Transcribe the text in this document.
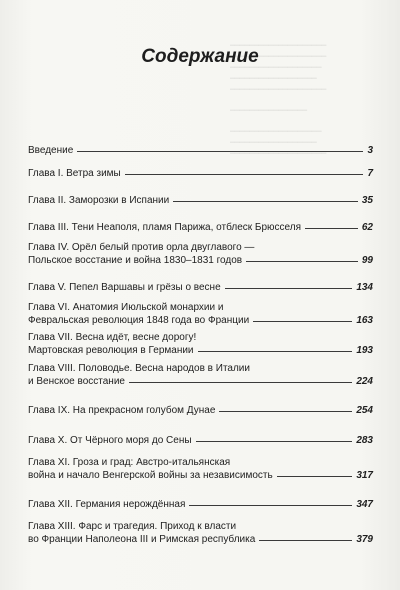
━━━━━━━━━━━━━━━━━━━━
━━━━━━━━━━━━━━━━━━━━
━━━━━━━━━━━━━━━━━━━
━━━━━━━━━━━━━━━━━━
━━━━━━━━━━━━━━━━━━━━
━━━━━━━━━━━━━━━━
━━━━━━━━━━━━━━━━━━━
━━━━━━━━━━━━━━━━━━
━━━━━━━━━━━━━━━━━━━━
Содержание
Введение	3
Глава I. Ветра зимы	7
Глава II. Заморозки в Испании	35
Глава III. Тени Неаполя, пламя Парижа, отблеск Брюсселя	62
Глава IV. Орёл белый против орла двуглавого —
Польское восстание и война 1830–1831 годов	99
Глава V. Пепел Варшавы и грёзы о весне	134
Глава VI. Анатомия Июльской монархии и
Февральская революция 1848 года во Франции	163
Глава VII. Весна идёт, весне дорогу!
Мартовская революция в Германии	193
Глава VIII. Половодье. Весна народов в Италии
и Венское восстание	224
Глава IX. На прекрасном голубом Дунае	254
Глава X. От Чёрного моря до Сены	283
Глава XI. Гроза и град: Австро-итальянская
война и начало Венгерской войны за независимость	317
Глава XII. Германия нерождённая	347
Глава XIII. Фарс и трагедия. Приход к власти
во Франции Наполеона III и Римская республика	379
